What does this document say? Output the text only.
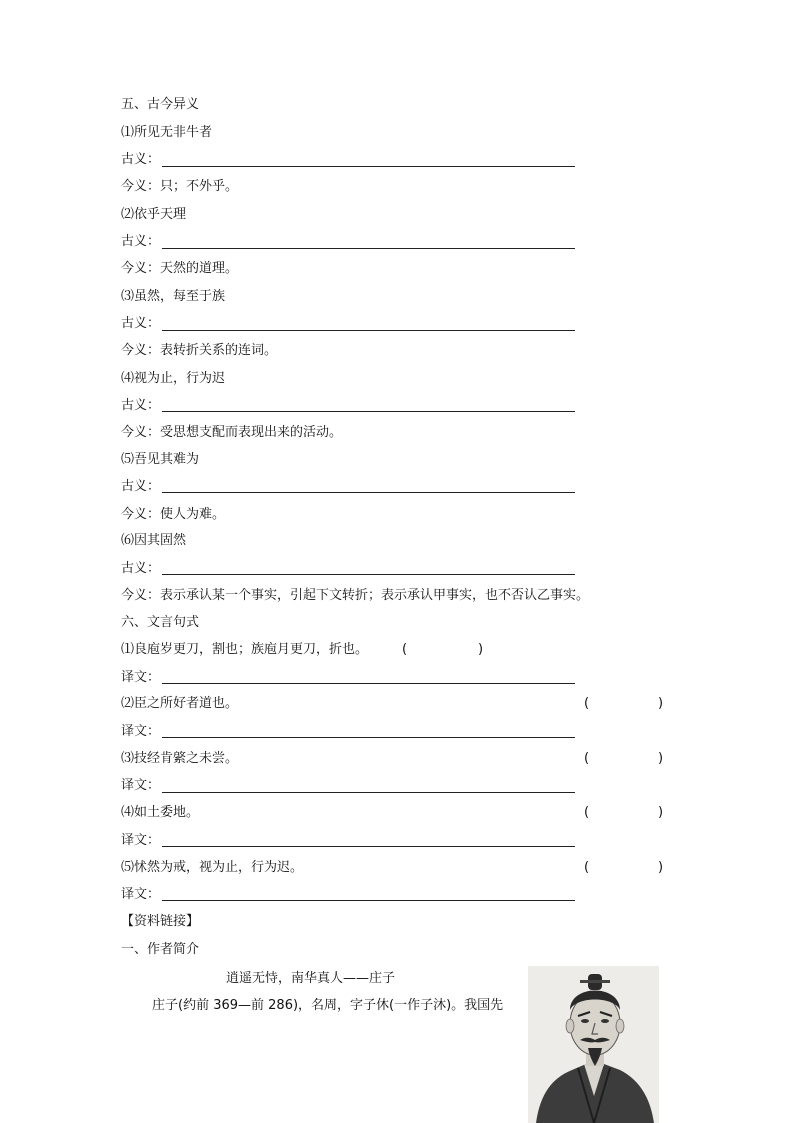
五、古今异义
⑴所见无非牛者
古义：
今义：只；不外乎。
⑵依乎天理
古义：
今义：天然的道理。
⑶虽然，每至于族
古义：
今义：表转折关系的连词。
⑷视为止，行为迟
古义：
今义：受思想支配而表现出来的活动。
⑸吾见其难为
古义：
今义：使人为难。
⑹因其固然
古义：
今义：表示承认某一个事实，引起下文转折；表示承认甲事实，也不否认乙事实。
六、文言句式
⑴良庖岁更刀，割也；族庖月更刀，折也。	(	)
译文：
⑵臣之所好者道也。	(	)
译文：
⑶技经肯綮之未尝。	(	)
译文：
⑷如土委地。	(	)
译文：
⑸怵然为戒，视为止，行为迟。	(	)
译文：
【资料链接】
一、作者简介
逍遥无恃，南华真人——庄子
庄子(约前 369—前 286)，名周，字子休(一作子沐)。我国先
